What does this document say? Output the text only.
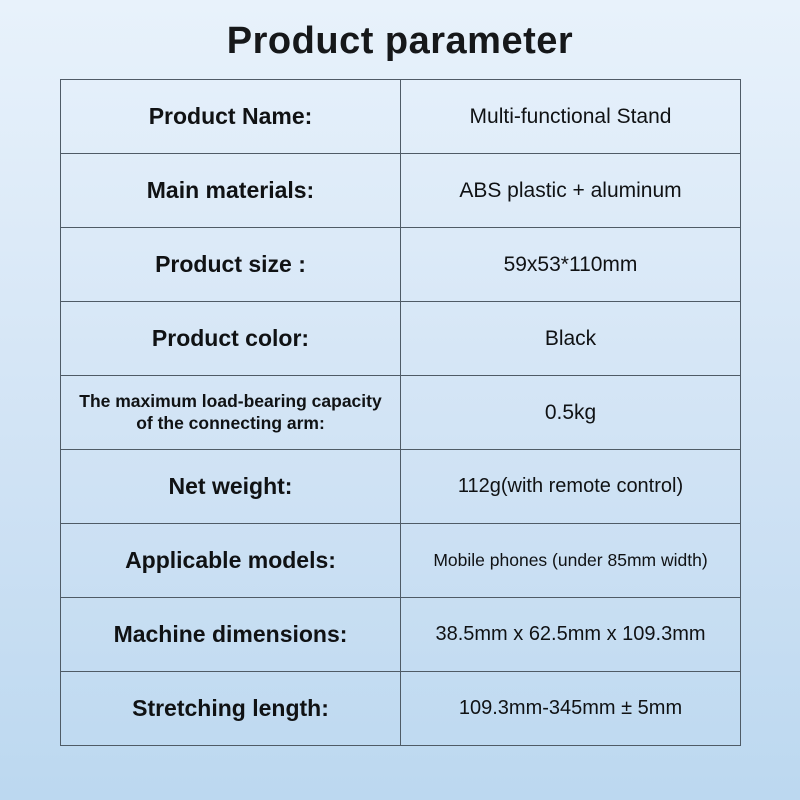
Product parameter
Product Name:	Multi-functional Stand
Main materials:	ABS plastic + aluminum
Product size :	59x53*110mm
Product color:	Black
The maximum load-bearing capacity of the connecting arm:	0.5kg
Net weight:	112g(with remote control)
Applicable models:	Mobile phones (under 85mm width)
Machine dimensions:	38.5mm x 62.5mm x 109.3mm
Stretching length:	109.3mm-345mm ± 5mm
